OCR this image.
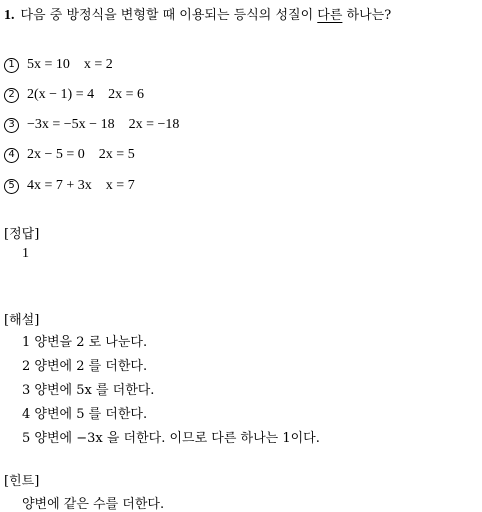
1. 다음 중 방정식을 변형할 때 이용되는 등식의 성질이 다른 하나는?
1 5x = 10 x = 2
2 2(x − 1) = 4 2x = 6
3 −3x = −5x − 18 2x = −18
4 2x − 5 = 0 2x = 5
5 4x = 7 + 3x x = 7
[정답]
1
[해설]
1 양변을 2 로 나눈다.
2 양변에 2 를 더한다.
3 양변에 5x 를 더한다.
4 양변에 5 를 더한다.
5 양변에 −3x 을 더한다. 이므로 다른 하나는 1이다.
[힌트]
양변에 같은 수를 더한다.
